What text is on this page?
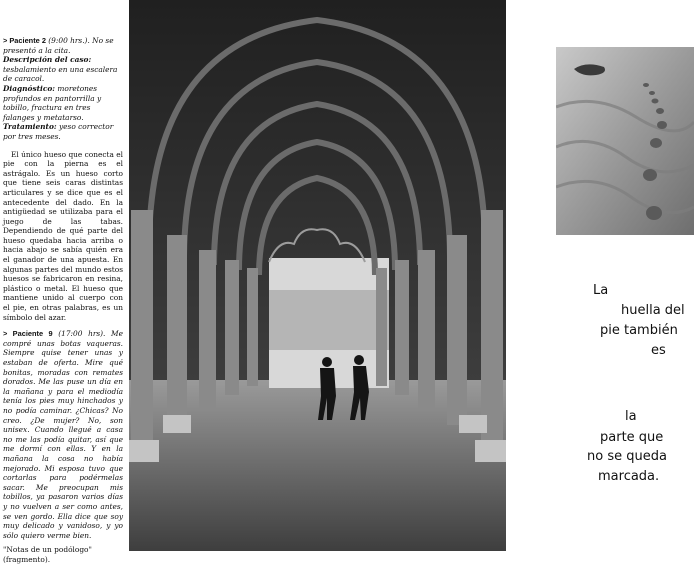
> Paciente 2 (9:00 hrs.). No se presentó a la cita.

Descripción del caso: tesbalamiento en una escalera de caracol.

Diagnóstico: moretones profundos en pantorrilla y tobillo, fractura en tres falanges y metatarso.

Tratamiento: yeso corrector por tres meses.

El único hueso que conecta el pie con la pierna es el astrágalo. Es un hueso corto que tiene seis caras distintas articulares y se dice que es el antecedente del dado. En la antigüedad se utilizaba para el juego de las tabas. Dependiendo de qué parte del hueso quedaba hacia arriba o hacia abajo se sabía quién era el ganador de una apuesta. En algunas partes del mundo estos huesos se fabricaron en resina, plástico o metal. El hueso que mantiene unido al cuerpo con el pie, en otras palabras, es un símbolo del azar.

> Paciente 9 (17:00 hrs). Me compré unas botas vaqueras. Siempre quise tener unas y estaban de oferta. Mire qué bonitas, moradas con remates dorados. Me las puse un día en la mañana y para el mediodía tenía los pies muy hinchados y no podía caminar. ¿Chicas? No creo. ¿De mujer? No, son unisex. Cuando llegué a casa no me las podía quitar, así que me dormí con ellas. Y en la mañana la cosa no había mejorado. Mi esposa tuvo que cortarlas para podérmelas sacar. Me preocupan mis tobillos, ya pasaron varios días y no vuelven a ser como antes, se ven gordo. Ella dice que soy muy delicado y vanidoso, y yo sólo quiero verme bien.

"Notas de un podólogo" (fragmento).

La
huella del
pie también
es
la
parte que
no se queda
marcada.
